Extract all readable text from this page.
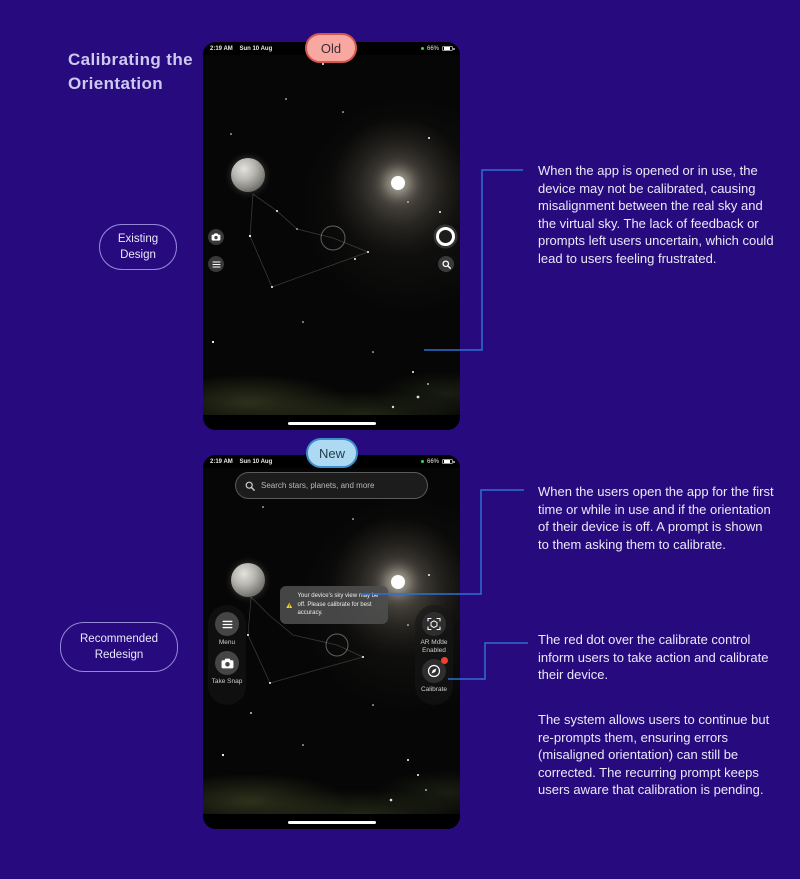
Calibrating the
Orientation
Existing
Design
Recommended
Redesign
Old
New
2:19 AM Sun 10 Aug	66%
2:19 AM Sun 10 Aug	66%
Search stars, planets, and more
Your device's sky view may be off. Please calibrate for best accuracy.
Menu
Take Snap
AR Mode Enabled
Calibrate
When the app is opened or in use, the device may not be calibrated, causing misalignment between the real sky and the virtual sky. The lack of feedback or prompts left users uncertain, which could lead to users feeling frustrated.
When the users open the app for the first time or while in use and if the orientation of their device is off. A prompt is shown to them asking them to calibrate.
The red dot over the calibrate control inform users to take action and calibrate their device.
The system allows users to continue but re-prompts them, ensuring errors (misaligned orientation) can still be corrected. The recurring prompt keeps users aware that calibration is pending.
